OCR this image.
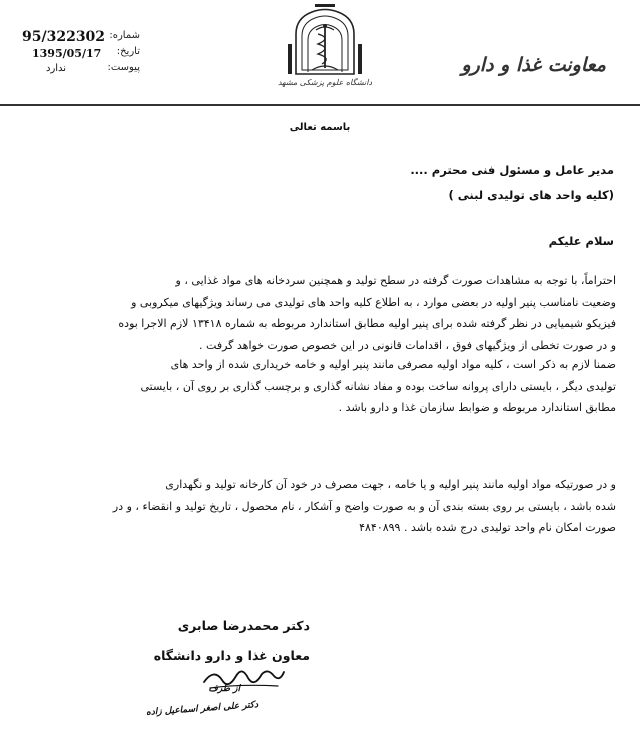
95/322302 شماره:
1395/05/17 تاریخ:
ندارد	پیوست:
دانشگاه علوم پزشکی مشهد
معاونت غذا و دارو
باسمه تعالی
مدیر عامل و مسئول فنی محترم ....
(کلیه واحد های تولیدی لبنی )
سلام علیکم
احتراماً، با توجه به مشاهدات صورت گرفته در سطح تولید و همچنین سردخانه های مواد غذایی ، و
وضعیت نامناسب پنیر اولیه در بعضی موارد ، به اطلاع کلیه واحد های تولیدی می رساند ویژگیهای میکروبی و
فیزیکو شیمیایی در نظر گرفته شده برای پنیر اولیه مطابق استاندارد مربوطه به شماره ۱۳۴۱۸ لازم الاجرا بوده
و در صورت تخطی از ویژگیهای فوق ، اقدامات قانونی در این خصوص صورت خواهد گرفت .
ضمنا لازم به ذکر است ، کلیه مواد اولیه مصرفی مانند پنیر اولیه و خامه خریداری شده از واحد های
تولیدی دیگر ، بایستی دارای پروانه ساخت بوده و مفاد نشانه گذاری و برچسب گذاری بر روی آن ، بایستی
مطابق استاندارد مربوطه و ضوابط سازمان غذا و دارو باشد .
و در صورتیکه مواد اولیه مانند پنیر اولیه و یا خامه ، جهت مصرف در خود آن کارخانه تولید و نگهداری
شده باشد ، بایستی بر روی بسته بندی آن و به صورت واضح و آشکار ، نام محصول ، تاریخ تولید و انقضاء ، و در
صورت امکان نام واحد تولیدی درج شده باشد . ۴۸۴۰۸۹۹
دکتر محمدرضا صابری
معاون غذا و دارو دانشگاه
از طرف
دکتر علی اصغر اسماعیل زاده
